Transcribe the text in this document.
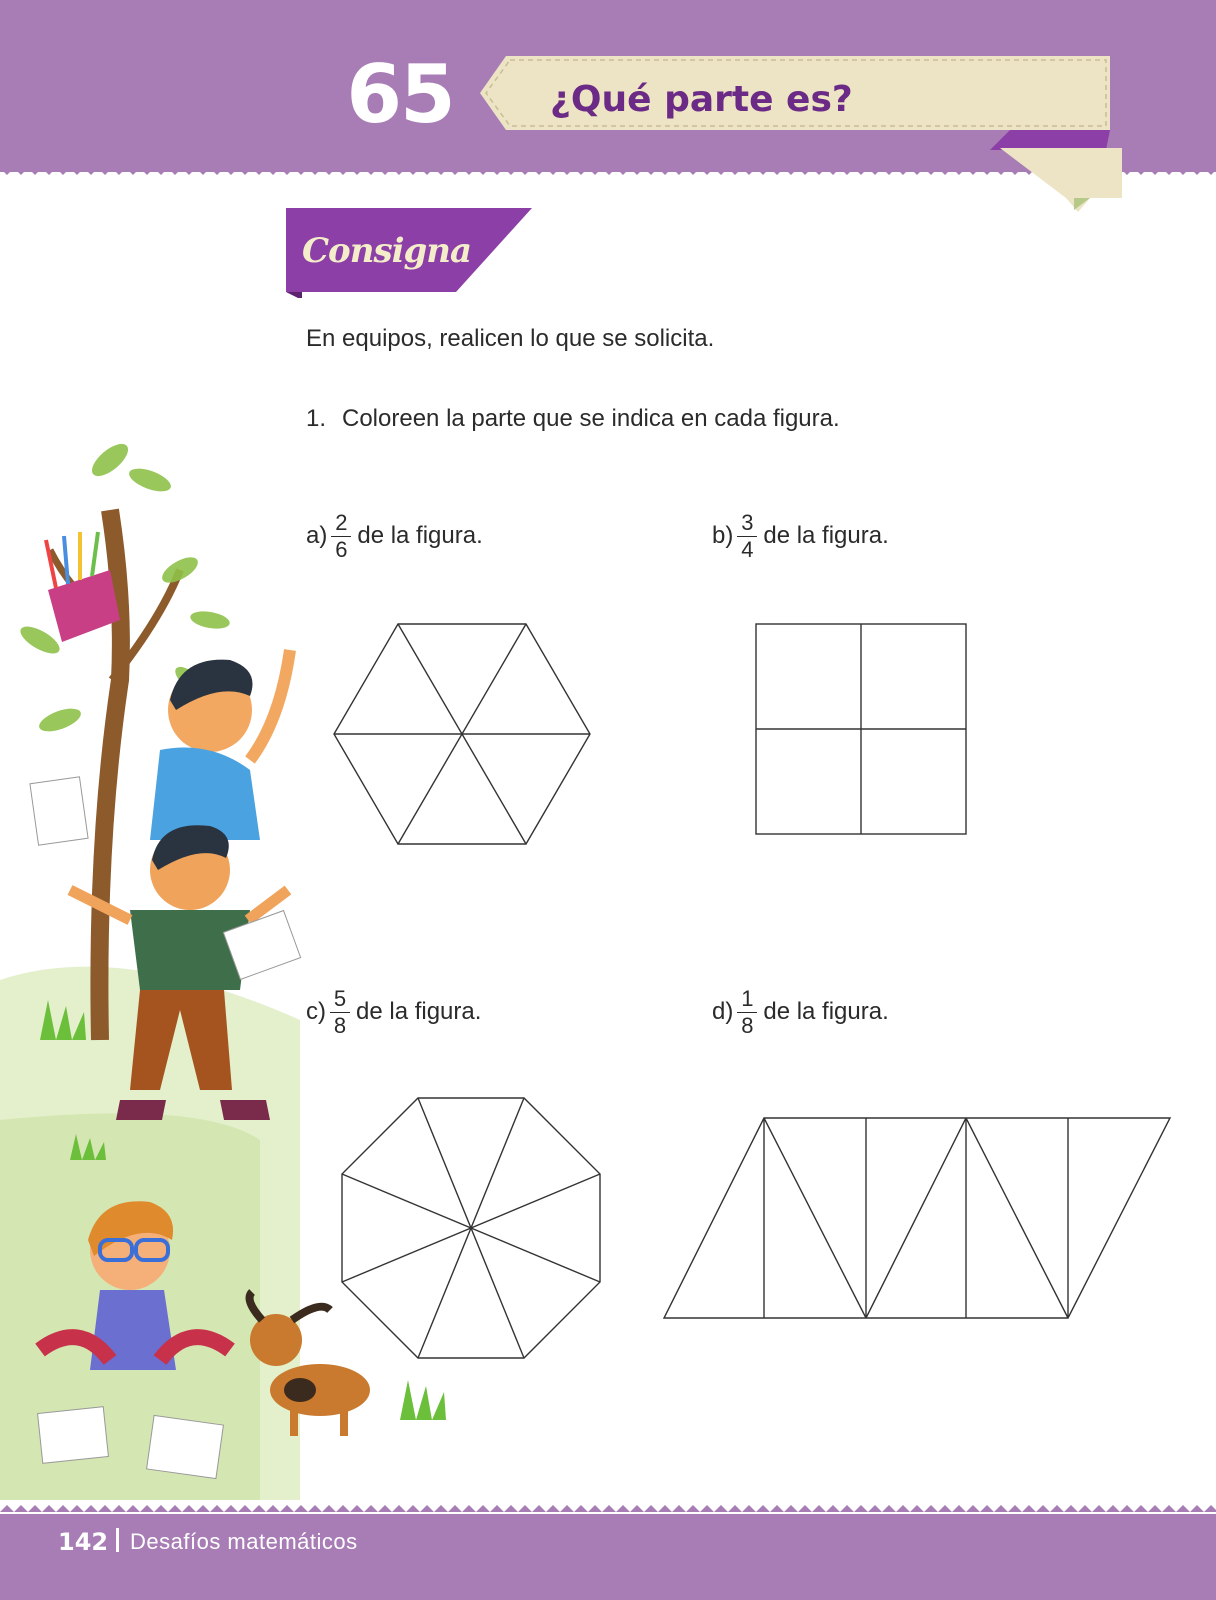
65	¿Qué parte es?
Consigna
En equipos, realicen lo que se solicita.
1. Coloreen la parte que se indica en cada figura.
$a) \frac{2}{6}$ de la figura.	$b) \frac{3}{4}$ de la figura.
$c) \frac{5}{8}$ de la figura.	$d) \frac{1}{8}$ de la figura.
142 Desafíos matemáticos
